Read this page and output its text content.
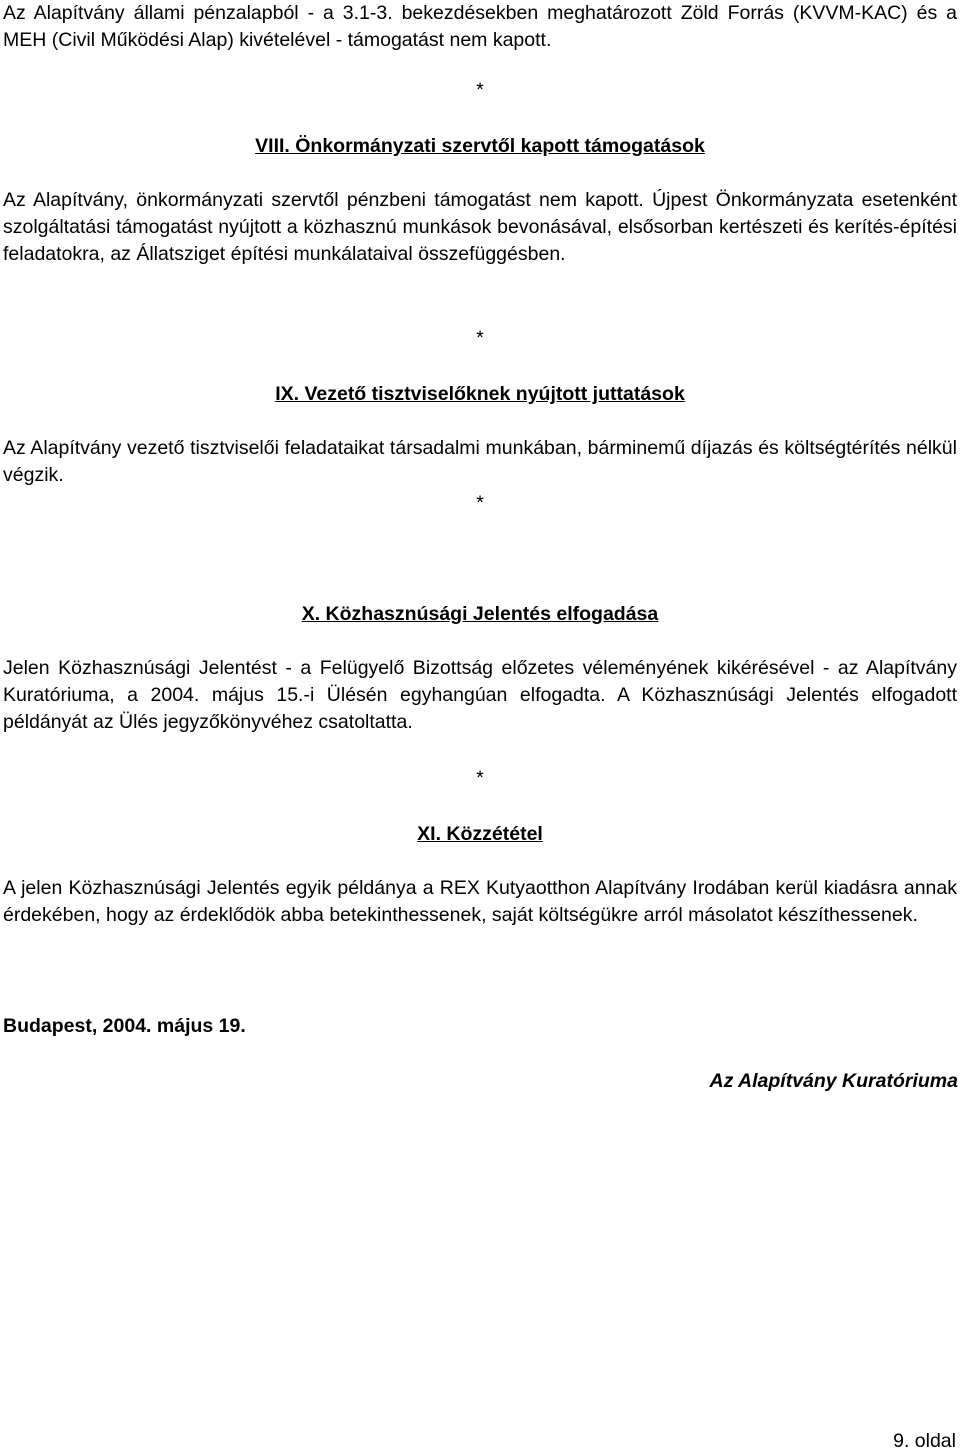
Az Alapítvány állami pénzalapból - a 3.1-3. bekezdésekben meghatározott Zöld Forrás (KVVM-KAC) és a MEH (Civil Működési Alap) kivételével - támogatást nem kapott.

*

VIII. Önkormányzati szervtől kapott támogatások

Az Alapítvány, önkormányzati szervtől pénzbeni támogatást nem kapott. Újpest Önkormányzata esetenként szolgáltatási támogatást nyújtott a közhasznú munkások bevonásával, elsősorban kertészeti és kerítés-építési feladatokra, az Állatsziget építési munkálataival összefüggésben.

*

IX. Vezető tisztviselőknek nyújtott juttatások

Az Alapítvány vezető tisztviselői feladataikat társadalmi munkában, bárminemű díjazás és költségtérítés nélkül végzik.

*

X. Közhasznúsági Jelentés elfogadása

Jelen Közhasznúsági Jelentést - a Felügyelő Bizottság előzetes véleményének kikérésével - az Alapítvány Kuratóriuma, a 2004. május 15.-i Ülésén egyhangúan elfogadta. A Közhasznúsági Jelentés elfogadott példányát az Ülés jegyzőkönyvéhez csatoltatta.

*

XI. Közzététel

A jelen Közhasznúsági Jelentés egyik példánya a REX Kutyaotthon Alapítvány Irodában kerül kiadásra annak érdekében, hogy az érdeklődök abba betekinthessenek, saját költségükre arról másolatot készíthessenek.

Budapest, 2004. május 19.

Az Alapítvány Kuratóriuma

9. oldal
